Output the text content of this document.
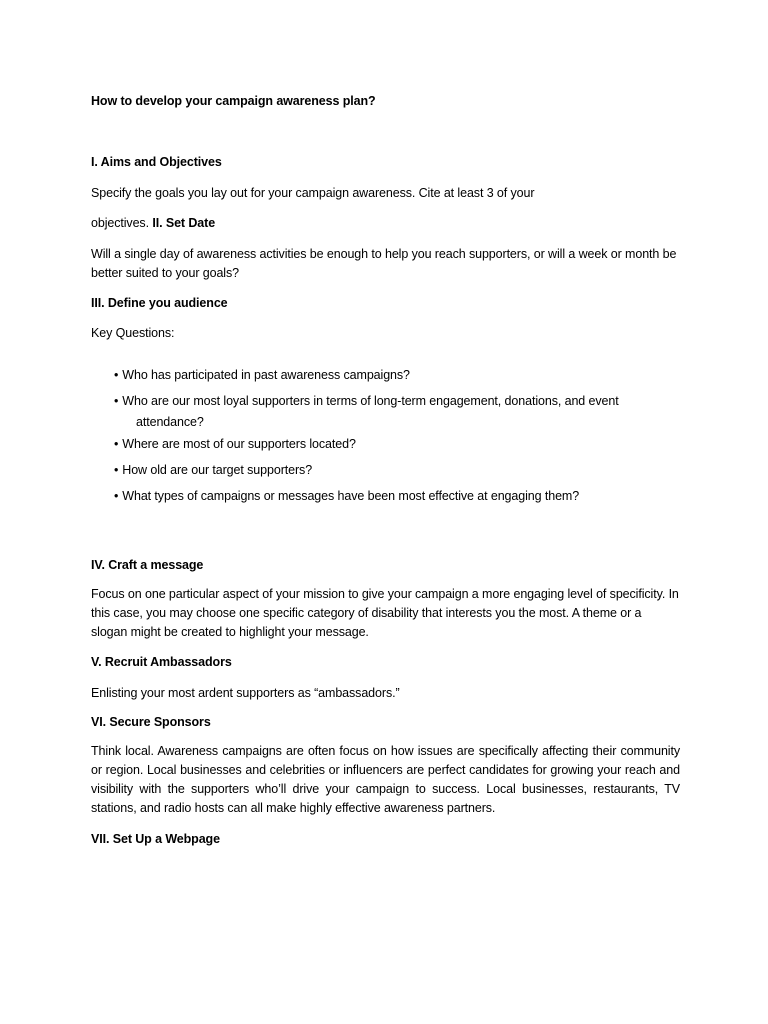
How to develop your campaign awareness plan?
I. Aims and Objectives
Specify the goals you lay out for your campaign awareness. Cite at least 3 of your
objectives. II. Set Date
Will a single day of awareness activities be enough to help you reach supporters, or will a week or month be better suited to your goals?
III. Define you audience
Key Questions:
• Who has participated in past awareness campaigns?
• Who are our most loyal supporters in terms of long-term engagement, donations, and event
attendance?
• Where are most of our supporters located?
• How old are our target supporters?
• What types of campaigns or messages have been most effective at engaging them?
IV. Craft a message
Focus on one particular aspect of your mission to give your campaign a more engaging level of specificity. In this case, you may choose one specific category of disability that interests you the most. A theme or a slogan might be created to highlight your message.
V. Recruit Ambassadors
Enlisting your most ardent supporters as “ambassadors.”
VI. Secure Sponsors
Think local. Awareness campaigns are often focus on how issues are specifically affecting their community or region. Local businesses and celebrities or influencers are perfect candidates for growing your reach and visibility with the supporters who’ll drive your campaign to success. Local businesses, restaurants, TV stations, and radio hosts can all make highly effective awareness partners.
VII. Set Up a Webpage
